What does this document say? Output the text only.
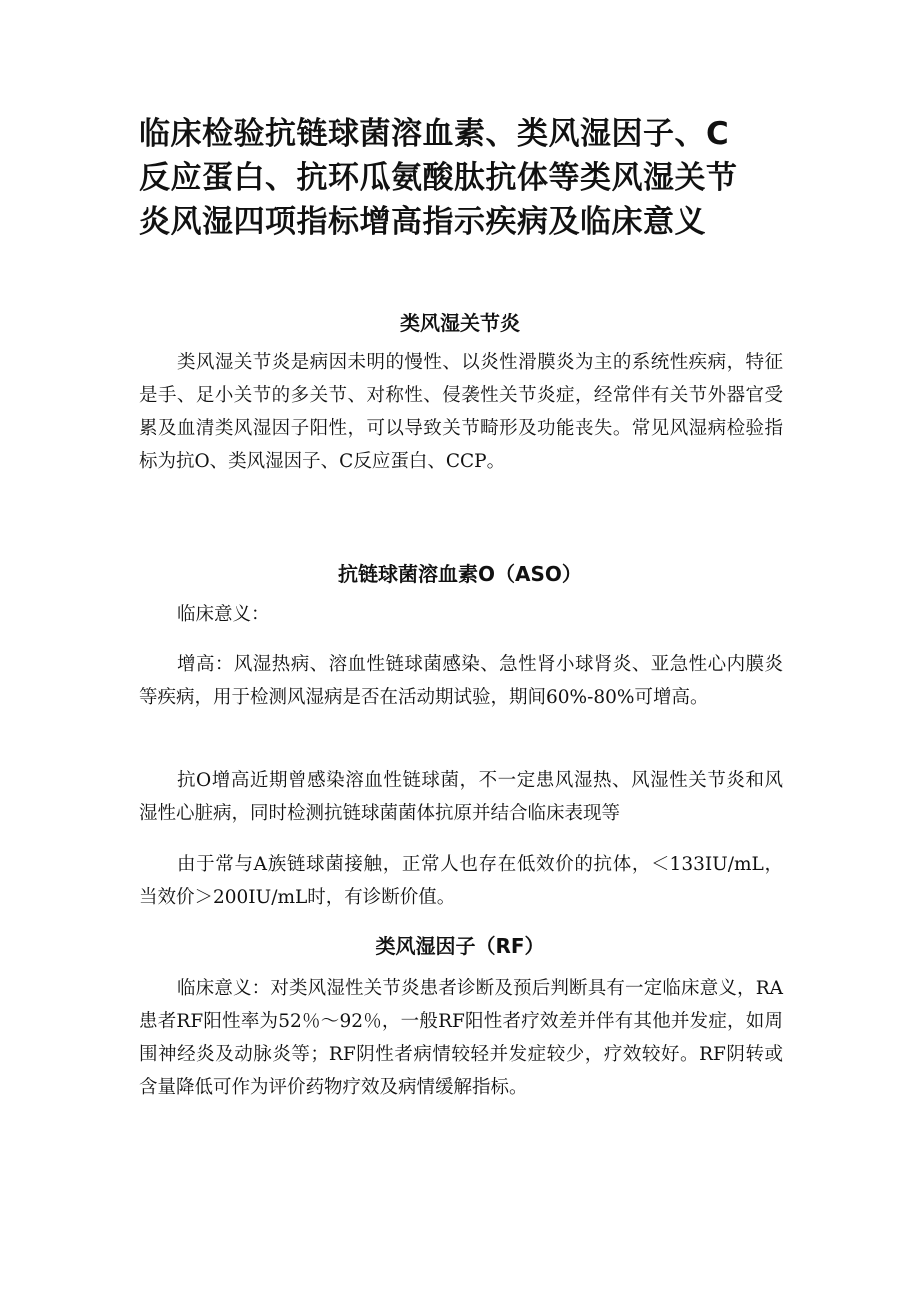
临床检验抗链球菌溶血素、类风湿因子、C
反应蛋白、抗环瓜氨酸肽抗体等类风湿关节
炎风湿四项指标增高指示疾病及临床意义
类风湿关节炎

类风湿关节炎是病因未明的慢性、以炎性滑膜炎为主的系统性疾病，特征是手、足小关节的多关节、对称性、侵袭性关节炎症，经常伴有关节外器官受累及血清类风湿因子阳性，可以导致关节畸形及功能丧失。常见风湿病检验指标为抗O、类风湿因子、C反应蛋白、CCP。

抗链球菌溶血素O（ASO）

临床意义：

增高：风湿热病、溶血性链球菌感染、急性肾小球肾炎、亚急性心内膜炎等疾病，用于检测风湿病是否在活动期试验，期间60%-80%可增高。

抗O增高近期曾感染溶血性链球菌，不一定患风湿热、风湿性关节炎和风湿性心脏病，同时检测抗链球菌菌体抗原并结合临床表现等

由于常与A族链球菌接触，正常人也存在低效价的抗体，＜133IU/mL，当效价＞200IU/mL时，有诊断价值。

类风湿因子（RF）

临床意义：对类风湿性关节炎患者诊断及预后判断具有一定临床意义，RA患者RF阳性率为52％～92％，一般RF阳性者疗效差并伴有其他并发症，如周围神经炎及动脉炎等；RF阴性者病情较轻并发症较少，疗效较好。RF阴转或含量降低可作为评价药物疗效及病情缓解指标。
